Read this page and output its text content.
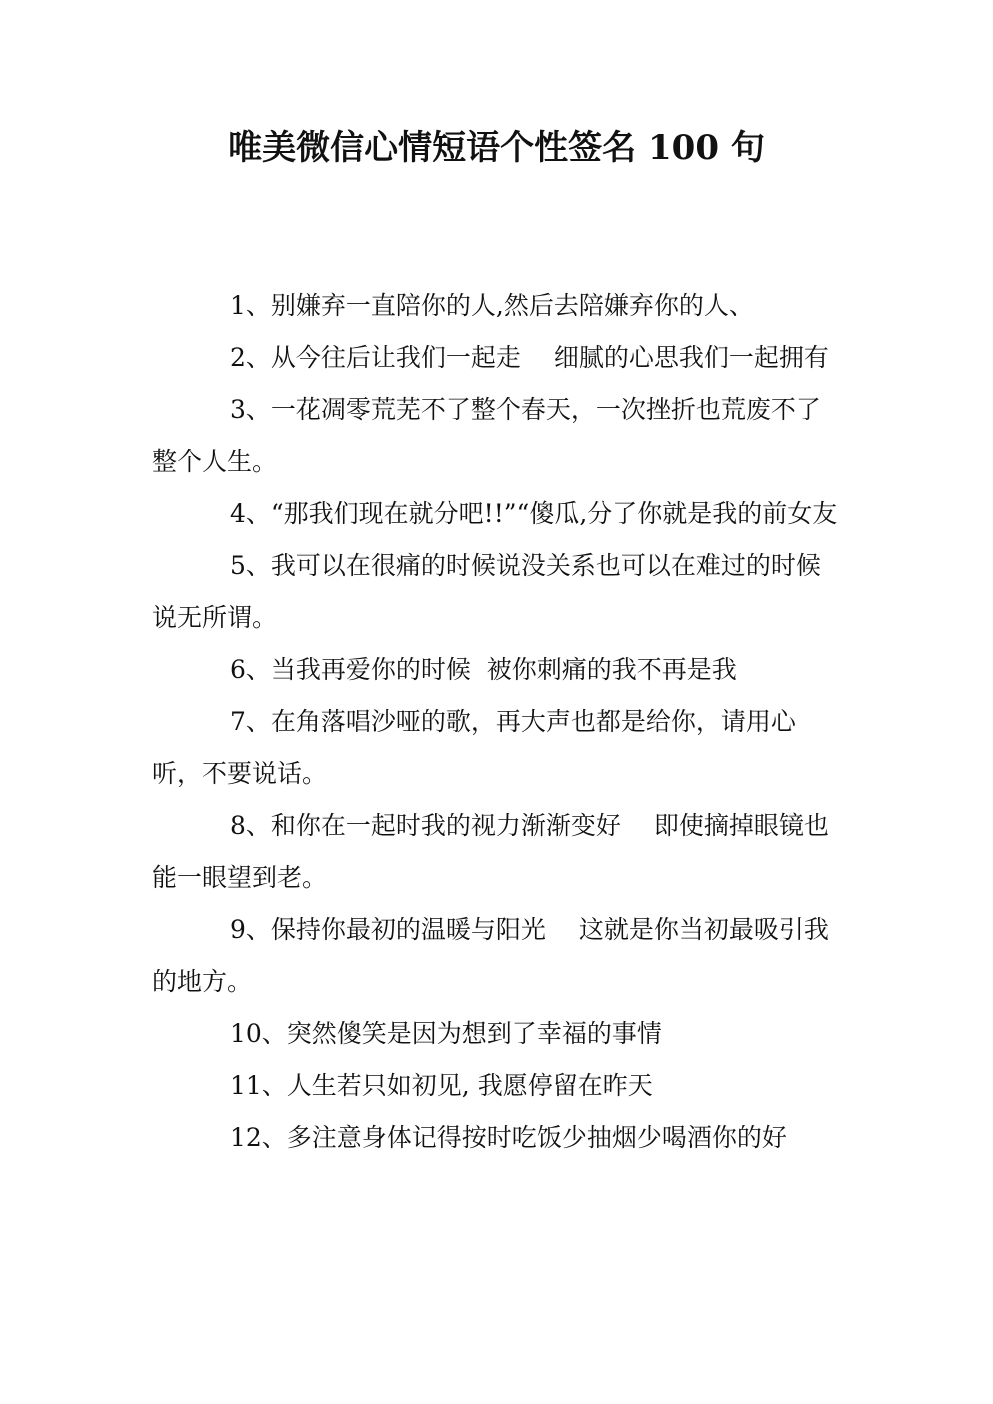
唯美微信心情短语个性签名 100 句

1、别嫌弃一直陪你的人,然后去陪嫌弃你的人、

2、从今往后让我们一起走　 细腻的心思我们一起拥有

3、一花凋零荒芜不了整个春天，一次挫折也荒废不了整个人生。

4、“那我们现在就分吧!!”“傻瓜,分了你就是我的前女友

5、我可以在很痛的时候说没关系也可以在难过的时候说无所谓。

6、当我再爱你的时候  被你刺痛的我不再是我

7、在角落唱沙哑的歌，再大声也都是给你，请用心听，不要说话。

8、和你在一起时我的视力渐渐变好　 即使摘掉眼镜也能一眼望到老。

9、保持你最初的温暖与阳光　 这就是你当初最吸引我的地方。

10、突然傻笑是因为想到了幸福的事情

11、人生若只如初见, 我愿停留在昨天

12、多注意身体记得按时吃饭少抽烟少喝酒你的好
